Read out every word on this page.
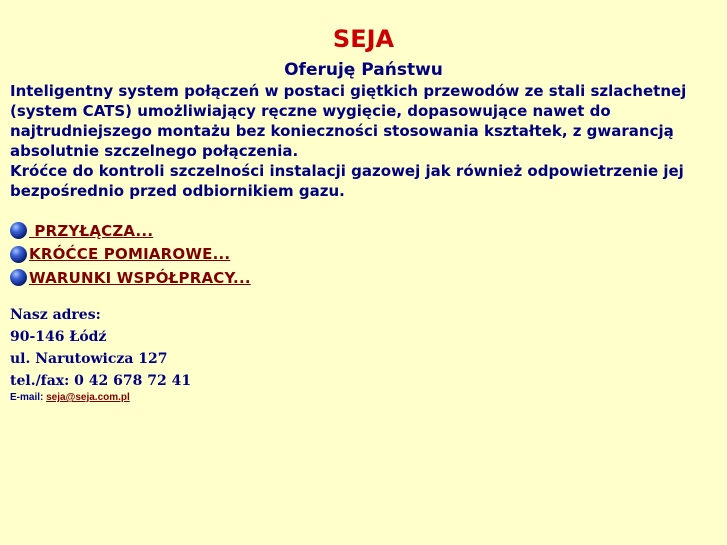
SEJA
Oferuję Państwu

Inteligentny system połączeń w postaci giętkich przewodów ze stali szlachetnej
(system CATS) umożliwiający ręczne wygięcie, dopasowujące nawet do
najtrudniejszego montażu bez konieczności stosowania kształtek, z gwarancją
absolutnie szczelnego połączenia.
Króćce do kontroli szczelności instalacji gazowej jak również odpowietrzenie jej
bezpośrednio przed odbiornikiem gazu.

PRZYŁĄCZA...
KRÓĆCE POMIAROWE...
WARUNKI WSPÓŁPRACY...
Nasz adres:
90-146 Łódź
ul. Narutowicza 127
tel./fax: 0 42 678 72 41
E-mail: seja@seja.com.pl
